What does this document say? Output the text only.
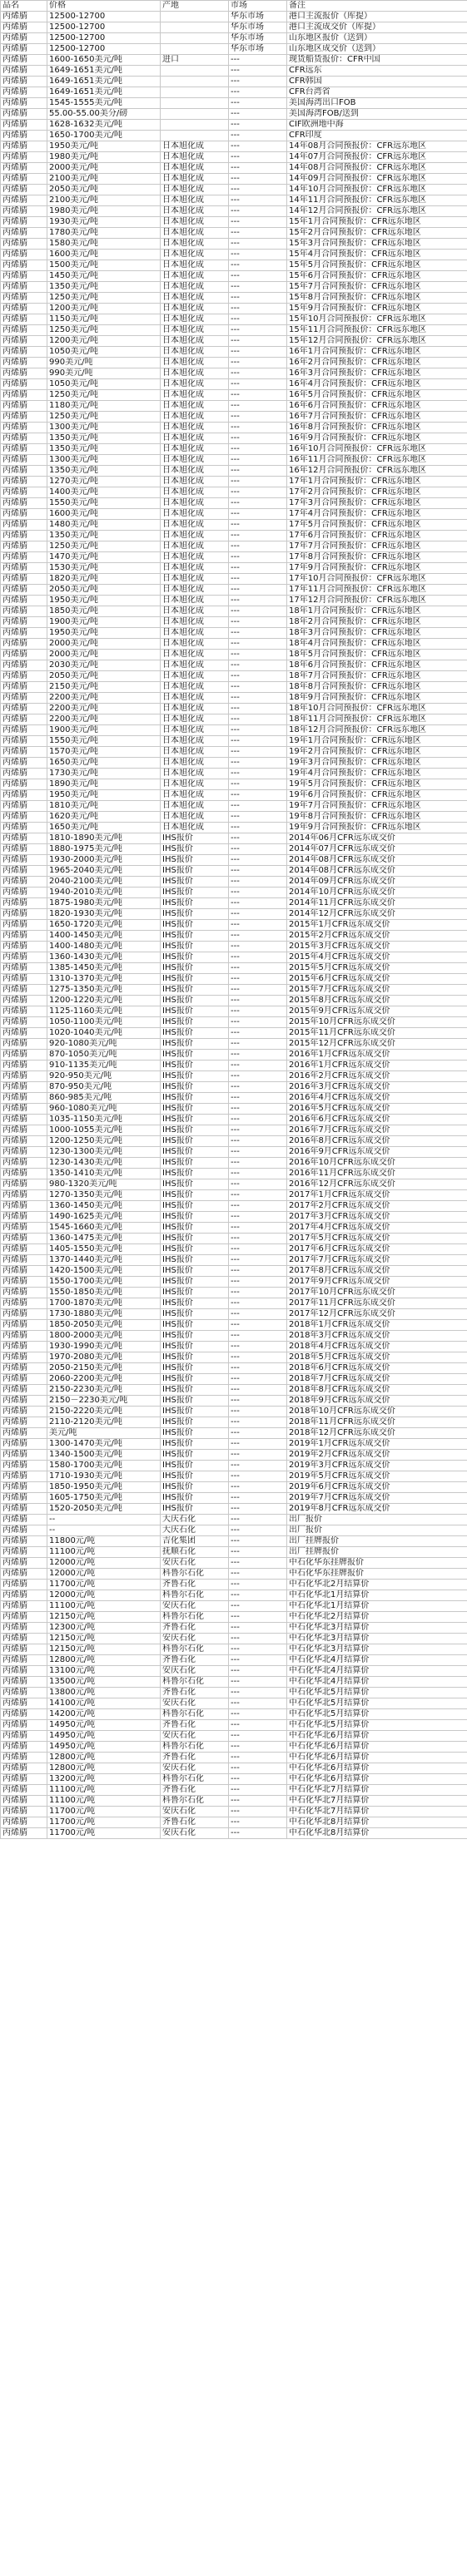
品名	价格	产地	市场	备注
丙烯腈	12500-12700		华东市场	港口主流报价（库提）
丙烯腈	12500-12700		华东市场	港口主流成交价（库提）
丙烯腈	12500-12700		华东市场	山东地区报价（送到）
丙烯腈	12500-12700		华东市场	山东地区成交价（送到）
丙烯腈	1600-1650美元/吨	进口	---	现货船货报价：CFR中国
丙烯腈	1649-1651美元/吨		---	CFR远东
丙烯腈	1649-1651美元/吨		---	CFR韩国
丙烯腈	1649-1651美元/吨		---	CFR台湾省
丙烯腈	1545-1555美元/吨		---	美国海湾出口FOB
丙烯腈	55.00-55.00美分/磅		---	美国海湾FOB/送到
丙烯腈	1628-1632美元/吨		---	CIF欧洲地中海
丙烯腈	1650-1700美元/吨		---	CFR印度
丙烯腈	1950美元/吨	日本旭化成	---	14年08月合同预报价：CFR远东地区
丙烯腈	1980美元/吨	日本旭化成	---	14年07月合同预报价：CFR远东地区
丙烯腈	2000美元/吨	日本旭化成	---	14年08月合同预报价：CFR远东地区
丙烯腈	2100美元/吨	日本旭化成	---	14年09月合同预报价：CFR远东地区
丙烯腈	2050美元/吨	日本旭化成	---	14年10月合同预报价：CFR远东地区
丙烯腈	2100美元/吨	日本旭化成	---	14年11月合同预报价：CFR远东地区
丙烯腈	1980美元/吨	日本旭化成	---	14年12月合同预报价：CFR远东地区
丙烯腈	1930美元/吨	日本旭化成	---	15年1月合同预报价：CFR远东地区
丙烯腈	1780美元/吨	日本旭化成	---	15年2月合同预报价：CFR远东地区
丙烯腈	1580美元/吨	日本旭化成	---	15年3月合同预报价：CFR远东地区
丙烯腈	1600美元/吨	日本旭化成	---	15年4月合同预报价：CFR远东地区
丙烯腈	1500美元/吨	日本旭化成	---	15年5月合同预报价：CFR远东地区
丙烯腈	1450美元/吨	日本旭化成	---	15年6月合同预报价：CFR远东地区
丙烯腈	1350美元/吨	日本旭化成	---	15年7月合同预报价：CFR远东地区
丙烯腈	1250美元/吨	日本旭化成	---	15年8月合同预报价：CFR远东地区
丙烯腈	1200美元/吨	日本旭化成	---	15年9月合同预报价：CFR远东地区
丙烯腈	1150美元/吨	日本旭化成	---	15年10月合同预报价：CFR远东地区
丙烯腈	1250美元/吨	日本旭化成	---	15年11月合同预报价：CFR远东地区
丙烯腈	1200美元/吨	日本旭化成	---	15年12月合同预报价：CFR远东地区
丙烯腈	1050美元/吨	日本旭化成	---	16年1月合同预报价：CFR远东地区
丙烯腈	990美元/吨	日本旭化成	---	16年2月合同预报价：CFR远东地区
丙烯腈	990美元/吨	日本旭化成	---	16年3月合同预报价：CFR远东地区
丙烯腈	1050美元/吨	日本旭化成	---	16年4月合同预报价：CFR远东地区
丙烯腈	1250美元/吨	日本旭化成	---	16年5月合同预报价：CFR远东地区
丙烯腈	1180美元/吨	日本旭化成	---	16年6月合同预报价：CFR远东地区
丙烯腈	1250美元/吨	日本旭化成	---	16年7月合同预报价：CFR远东地区
丙烯腈	1300美元/吨	日本旭化成	---	16年8月合同预报价：CFR远东地区
丙烯腈	1350美元/吨	日本旭化成	---	16年9月合同预报价：CFR远东地区
丙烯腈	1350美元/吨	日本旭化成	---	16年10月合同预报价：CFR远东地区
丙烯腈	1300美元/吨	日本旭化成	---	16年11月合同预报价：CFR远东地区
丙烯腈	1350美元/吨	日本旭化成	---	16年12月合同预报价：CFR远东地区
丙烯腈	1270美元/吨	日本旭化成	---	17年1月合同预报价：CFR远东地区
丙烯腈	1400美元/吨	日本旭化成	---	17年2月合同预报价：CFR远东地区
丙烯腈	1550美元/吨	日本旭化成	---	17年3月合同预报价：CFR远东地区
丙烯腈	1600美元/吨	日本旭化成	---	17年4月合同预报价：CFR远东地区
丙烯腈	1480美元/吨	日本旭化成	---	17年5月合同预报价：CFR远东地区
丙烯腈	1350美元/吨	日本旭化成	---	17年6月合同预报价：CFR远东地区
丙烯腈	1250美元/吨	日本旭化成	---	17年7月合同预报价：CFR远东地区
丙烯腈	1470美元/吨	日本旭化成	---	17年8月合同预报价：CFR远东地区
丙烯腈	1530美元/吨	日本旭化成	---	17年9月合同预报价：CFR远东地区
丙烯腈	1820美元/吨	日本旭化成	---	17年10月合同预报价：CFR远东地区
丙烯腈	2050美元/吨	日本旭化成	---	17年11月合同预报价：CFR远东地区
丙烯腈	1950美元/吨	日本旭化成	---	17年12月合同预报价：CFR远东地区
丙烯腈	1850美元/吨	日本旭化成	---	18年1月合同预报价：CFR远东地区
丙烯腈	1900美元/吨	日本旭化成	---	18年2月合同预报价：CFR远东地区
丙烯腈	1950美元/吨	日本旭化成	---	18年3月合同预报价：CFR远东地区
丙烯腈	2000美元/吨	日本旭化成	---	18年4月合同预报价：CFR远东地区
丙烯腈	2000美元/吨	日本旭化成	---	18年5月合同预报价：CFR远东地区
丙烯腈	2030美元/吨	日本旭化成	---	18年6月合同预报价：CFR远东地区
丙烯腈	2050美元/吨	日本旭化成	---	18年7月合同预报价：CFR远东地区
丙烯腈	2150美元/吨	日本旭化成	---	18年8月合同预报价：CFR远东地区
丙烯腈	2200美元/吨	日本旭化成	---	18年9月合同预报价：CFR远东地区
丙烯腈	2200美元/吨	日本旭化成	---	18年10月合同预报价：CFR远东地区
丙烯腈	2200美元/吨	日本旭化成	---	18年11月合同预报价：CFR远东地区
丙烯腈	1900美元/吨	日本旭化成	---	18年12月合同预报价：CFR远东地区
丙烯腈	1550美元/吨	日本旭化成	---	19年1月合同预报价：CFR远东地区
丙烯腈	1570美元/吨	日本旭化成	---	19年2月合同预报价：CFR远东地区
丙烯腈	1650美元/吨	日本旭化成	---	19年3月合同预报价：CFR远东地区
丙烯腈	1730美元/吨	日本旭化成	---	19年4月合同预报价：CFR远东地区
丙烯腈	1890美元/吨	日本旭化成	---	19年5月合同预报价：CFR远东地区
丙烯腈	1950美元/吨	日本旭化成	---	19年6月合同预报价：CFR远东地区
丙烯腈	1810美元/吨	日本旭化成	---	19年7月合同预报价：CFR远东地区
丙烯腈	1620美元/吨	日本旭化成	---	19年8月合同预报价：CFR远东地区
丙烯腈	1650美元/吨	日本旭化成	---	19年9月合同预报价：CFR远东地区
丙烯腈	1810-1890美元/吨	IHS报价	---	2014年06月CFR远东成交价
丙烯腈	1880-1975美元/吨	IHS报价	---	2014年07月CFR远东成交价
丙烯腈	1930-2000美元/吨	IHS报价	---	2014年08月CFR远东成交价
丙烯腈	1965-2040美元/吨	IHS报价	---	2014年08月CFR远东成交价
丙烯腈	2040-2100美元/吨	IHS报价	---	2014年09月CFR远东成交价
丙烯腈	1940-2010美元/吨	IHS报价	---	2014年10月CFR远东成交价
丙烯腈	1875-1980美元/吨	IHS报价	---	2014年11月CFR远东成交价
丙烯腈	1820-1930美元/吨	IHS报价	---	2014年12月CFR远东成交价
丙烯腈	1650-1720美元/吨	IHS报价	---	2015年1月CFR远东成交价
丙烯腈	1400-1450美元/吨	IHS报价	---	2015年2月CFR远东成交价
丙烯腈	1400-1480美元/吨	IHS报价	---	2015年3月CFR远东成交价
丙烯腈	1360-1430美元/吨	IHS报价	---	2015年4月CFR远东成交价
丙烯腈	1385-1450美元/吨	IHS报价	---	2015年5月CFR远东成交价
丙烯腈	1310-1370美元/吨	IHS报价	---	2015年6月CFR远东成交价
丙烯腈	1275-1350美元/吨	IHS报价	---	2015年7月CFR远东成交价
丙烯腈	1200-1220美元/吨	IHS报价	---	2015年8月CFR远东成交价
丙烯腈	1125-1160美元/吨	IHS报价	---	2015年9月CFR远东成交价
丙烯腈	1050-1100美元/吨	IHS报价	---	2015年10月CFR远东成交价
丙烯腈	1020-1040美元/吨	IHS报价	---	2015年11月CFR远东成交价
丙烯腈	920-1080美元/吨	IHS报价	---	2015年12月CFR远东成交价
丙烯腈	870-1050美元/吨	IHS报价	---	2016年1月CFR远东成交价
丙烯腈	910-1135美元/吨	IHS报价	---	2016年1月CFR远东成交价
丙烯腈	920-950美元/吨	IHS报价	---	2016年2月CFR远东成交价
丙烯腈	870-950美元/吨	IHS报价	---	2016年3月CFR远东成交价
丙烯腈	860-985美元/吨	IHS报价	---	2016年4月CFR远东成交价
丙烯腈	960-1080美元/吨	IHS报价	---	2016年5月CFR远东成交价
丙烯腈	1035-1150美元/吨	IHS报价	---	2016年6月CFR远东成交价
丙烯腈	1000-1055美元/吨	IHS报价	---	2016年7月CFR远东成交价
丙烯腈	1200-1250美元/吨	IHS报价	---	2016年8月CFR远东成交价
丙烯腈	1230-1300美元/吨	IHS报价	---	2016年9月CFR远东成交价
丙烯腈	1230-1430美元/吨	IHS报价	---	2016年10月CFR远东成交价
丙烯腈	1350-1410美元/吨	IHS报价	---	2016年11月CFR远东成交价
丙烯腈	980-1320美元/吨	IHS报价	---	2016年12月CFR远东成交价
丙烯腈	1270-1350美元/吨	IHS报价	---	2017年1月CFR远东成交价
丙烯腈	1360-1450美元/吨	IHS报价	---	2017年2月CFR远东成交价
丙烯腈	1490-1625美元/吨	IHS报价	---	2017年3月CFR远东成交价
丙烯腈	1545-1660美元/吨	IHS报价	---	2017年4月CFR远东成交价
丙烯腈	1360-1475美元/吨	IHS报价	---	2017年5月CFR远东成交价
丙烯腈	1405-1550美元/吨	IHS报价	---	2017年6月CFR远东成交价
丙烯腈	1370-1440美元/吨	IHS报价	---	2017年7月CFR远东成交价
丙烯腈	1420-1500美元/吨	IHS报价	---	2017年8月CFR远东成交价
丙烯腈	1550-1700美元/吨	IHS报价	---	2017年9月CFR远东成交价
丙烯腈	1550-1850美元/吨	IHS报价	---	2017年10月CFR远东成交价
丙烯腈	1700-1870美元/吨	IHS报价	---	2017年11月CFR远东成交价
丙烯腈	1730-1880美元/吨	IHS报价	---	2017年12月CFR远东成交价
丙烯腈	1850-2050美元/吨	IHS报价	---	2018年1月CFR远东成交价
丙烯腈	1800-2000美元/吨	IHS报价	---	2018年3月CFR远东成交价
丙烯腈	1930-1990美元/吨	IHS报价	---	2018年4月CFR远东成交价
丙烯腈	1970-2080美元/吨	IHS报价	---	2018年5月CFR远东成交价
丙烯腈	2050-2150美元/吨	IHS报价	---	2018年6月CFR远东成交价
丙烯腈	2060-2200美元/吨	IHS报价	---	2018年7月CFR远东成交价
丙烯腈	2150-2230美元/吨	IHS报价	---	2018年8月CFR远东成交价
丙烯腈	2150－2230美元/吨	IHS报价	---	2018年9月CFR远东成交价
丙烯腈	2150-2220美元/吨	IHS报价	---	2018年10月CFR远东成交价
丙烯腈	2110-2120美元/吨	IHS报价	---	2018年11月CFR远东成交价
丙烯腈	美元/吨	IHS报价	---	2018年12月CFR远东成交价
丙烯腈	1300-1470美元/吨	IHS报价	---	2019年1月CFR远东成交价
丙烯腈	1340-1500美元/吨	IHS报价	---	2019年2月CFR远东成交价
丙烯腈	1580-1700美元/吨	IHS报价	---	2019年3月CFR远东成交价
丙烯腈	1710-1930美元/吨	IHS报价	---	2019年5月CFR远东成交价
丙烯腈	1850-1950美元/吨	IHS报价	---	2019年6月CFR远东成交价
丙烯腈	1605-1750美元/吨	IHS报价	---	2019年7月CFR远东成交价
丙烯腈	1520-2050美元/吨	IHS报价	---	2019年8月CFR远东成交价
丙烯腈	--	大庆石化	---	出厂报价
丙烯腈	--	大庆石化	---	出厂报价
丙烯腈	11800元/吨	吉化集团	---	出厂挂牌报价
丙烯腈	11100元/吨	抚顺石化	---	出厂挂牌报价
丙烯腈	12000元/吨	安庆石化	---	中石化华东挂牌报价
丙烯腈	12000元/吨	科鲁尔石化	---	中石化华东挂牌报价
丙烯腈	11700元/吨	齐鲁石化	---	中石化华北2月结算价
丙烯腈	12000元/吨	科鲁尔石化	---	中石化华北1月结算价
丙烯腈	11100元/吨	安庆石化	---	中石化华北1月结算价
丙烯腈	12150元/吨	科鲁尔石化	---	中石化华北2月结算价
丙烯腈	12300元/吨	齐鲁石化	---	中石化华北3月结算价
丙烯腈	12150元/吨	安庆石化	---	中石化华北3月结算价
丙烯腈	12150元/吨	科鲁尔石化	---	中石化华北3月结算价
丙烯腈	12800元/吨	齐鲁石化	---	中石化华北4月结算价
丙烯腈	13100元/吨	安庆石化	---	中石化华北4月结算价
丙烯腈	13500元/吨	科鲁尔石化	---	中石化华北4月结算价
丙烯腈	13800元/吨	齐鲁石化	---	中石化华北5月结算价
丙烯腈	14100元/吨	安庆石化	---	中石化华北5月结算价
丙烯腈	14200元/吨	科鲁尔石化	---	中石化华北5月结算价
丙烯腈	14950元/吨	齐鲁石化	---	中石化华北5月结算价
丙烯腈	14950元/吨	安庆石化	---	中石化华北6月结算价
丙烯腈	14950元/吨	科鲁尔石化	---	中石化华北6月结算价
丙烯腈	12800元/吨	齐鲁石化	---	中石化华北6月结算价
丙烯腈	12800元/吨	安庆石化	---	中石化华北6月结算价
丙烯腈	13200元/吨	科鲁尔石化	---	中石化华北6月结算价
丙烯腈	11100元/吨	齐鲁石化	---	中石化华北7月结算价
丙烯腈	11100元/吨	科鲁尔石化	---	中石化华北7月结算价
丙烯腈	11700元/吨	安庆石化	---	中石化华北7月结算价
丙烯腈	11700元/吨	齐鲁石化	---	中石化华北8月结算价
丙烯腈	11700元/吨	安庆石化	---	中石化华北8月结算价
